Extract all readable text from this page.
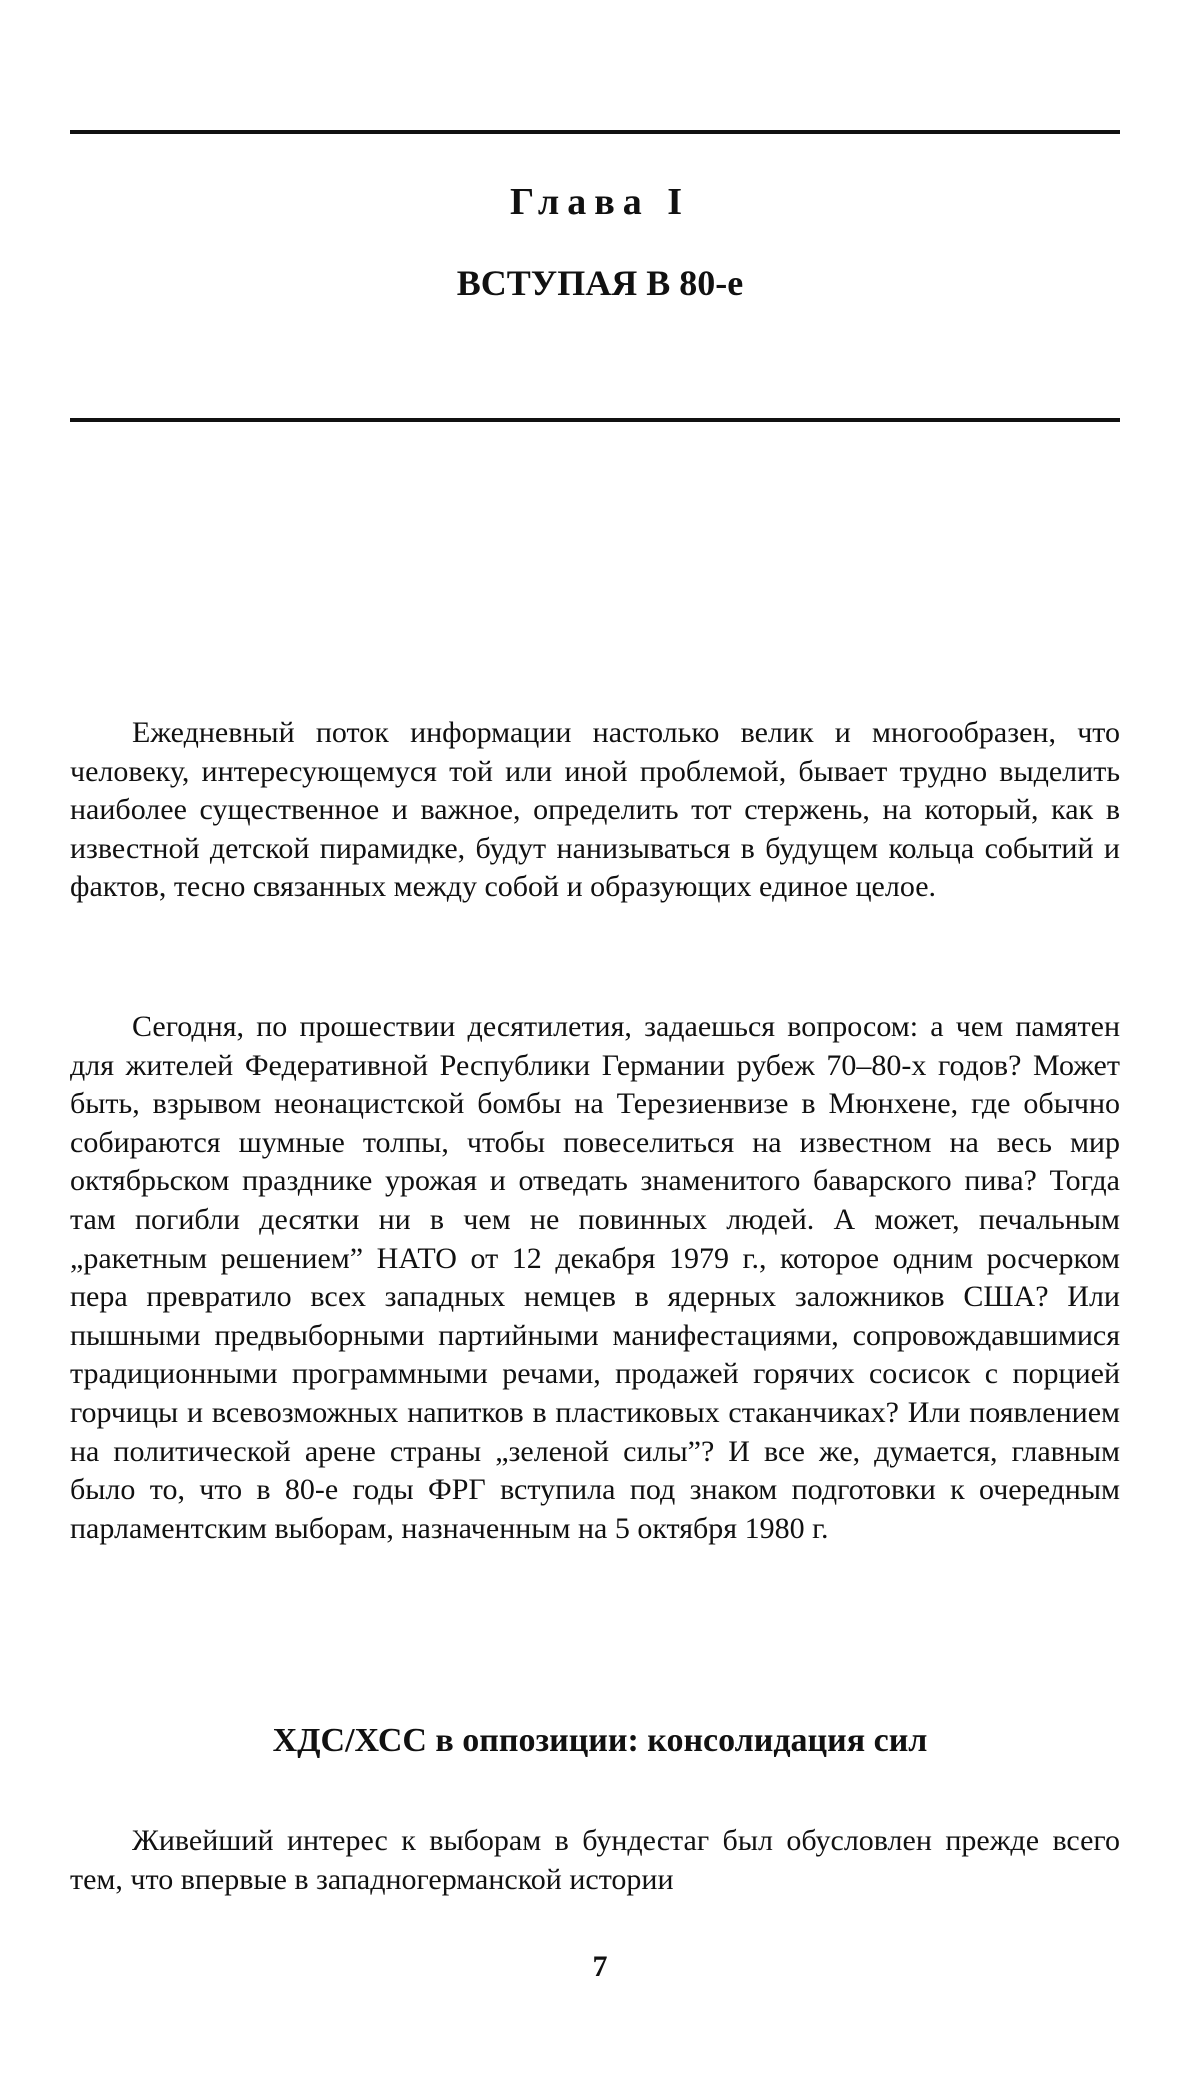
Глава I
ВСТУПАЯ В 80-е

Ежедневный поток информации настолько велик и многообразен, что человеку, интересующемуся той или иной проблемой, бывает трудно выделить наиболее существенное и важное, определить тот стержень, на который, как в известной детской пирамидке, будут нанизываться в будущем кольца событий и фактов, тесно связанных между собой и образующих единое целое.

Сегодня, по прошествии десятилетия, задаешься вопросом: а чем памятен для жителей Федеративной Республики Германии рубеж 70–80-х годов? Может быть, взрывом неонацистской бомбы на Терезиенвизе в Мюнхене, где обычно собираются шумные толпы, чтобы повеселиться на известном на весь мир октябрьском празднике урожая и отведать знаменитого баварского пива? Тогда там погибли десятки ни в чем не повинных людей. А может, печальным „ракетным решением” НАТО от 12 декабря 1979 г., которое одним росчерком пера превратило всех западных немцев в ядерных заложников США? Или пышными предвыборными партийными манифестациями, сопровождавшимися традиционными программными речами, продажей горячих сосисок с порцией горчицы и всевозможных напитков в пластиковых стаканчиках? Или появлением на политической арене страны „зеленой силы”? И все же, думается, главным было то, что в 80-е годы ФРГ вступила под знаком подготовки к очередным парламентским выборам, назначенным на 5 октября 1980 г.

ХДС/ХСС в оппозиции: консолидация сил

Живейший интерес к выборам в бундестаг был обусловлен прежде всего тем, что впервые в западногерманской истории

7
